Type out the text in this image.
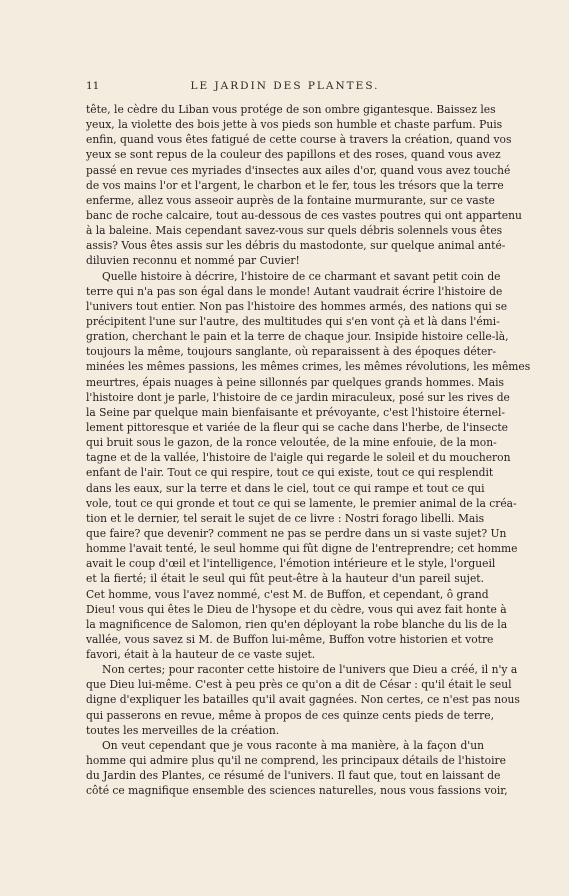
11	LE JARDIN DES PLANTES.
tête, le cèdre du Liban vous protége de son ombre gigantesque. Baissez les
yeux, la violette des bois jette à vos pieds son humble et chaste parfum. Puis
enfin, quand vous êtes fatigué de cette course à travers la création, quand vos
yeux se sont repus de la couleur des papillons et des roses, quand vous avez
passé en revue ces myriades d'insectes aux ailes d'or, quand vous avez touché
de vos mains l'or et l'argent, le charbon et le fer, tous les trésors que la terre
enferme, allez vous asseoir auprès de la fontaine murmurante, sur ce vaste
banc de roche calcaire, tout au-dessous de ces vastes poutres qui ont appartenu
à la baleine. Mais cependant savez-vous sur quels débris solennels vous êtes
assis? Vous êtes assis sur les débris du mastodonte, sur quelque animal anté-
diluvien reconnu et nommé par Cuvier!
Quelle histoire à décrire, l'histoire de ce charmant et savant petit coin de
terre qui n'a pas son égal dans le monde! Autant vaudrait écrire l'histoire de
l'univers tout entier. Non pas l'histoire des hommes armés, des nations qui se
précipitent l'une sur l'autre, des multitudes qui s'en vont çà et là dans l'émi-
gration, cherchant le pain et la terre de chaque jour. Insipide histoire celle-là,
toujours la même, toujours sanglante, où reparaissent à des époques déter-
minées les mêmes passions, les mêmes crimes, les mêmes révolutions, les mêmes
meurtres, épais nuages à peine sillonnés par quelques grands hommes. Mais
l'histoire dont je parle, l'histoire de ce jardin miraculeux, posé sur les rives de
la Seine par quelque main bienfaisante et prévoyante, c'est l'histoire éternel-
lement pittoresque et variée de la fleur qui se cache dans l'herbe, de l'insecte
qui bruit sous le gazon, de la ronce veloutée, de la mine enfouie, de la mon-
tagne et de la vallée, l'histoire de l'aigle qui regarde le soleil et du moucheron
enfant de l'air. Tout ce qui respire, tout ce qui existe, tout ce qui resplendit
dans les eaux, sur la terre et dans le ciel, tout ce qui rampe et tout ce qui
vole, tout ce qui gronde et tout ce qui se lamente, le premier animal de la créa-
tion et le dernier, tel serait le sujet de ce livre : Nostri forago libelli. Mais
que faire? que devenir? comment ne pas se perdre dans un si vaste sujet? Un
homme l'avait tenté, le seul homme qui fût digne de l'entreprendre; cet homme
avait le coup d'œil et l'intelligence, l'émotion intérieure et le style, l'orgueil
et la fierté; il était le seul qui fût peut-être à la hauteur d'un pareil sujet.
Cet homme, vous l'avez nommé, c'est M. de Buffon, et cependant, ô grand
Dieu! vous qui êtes le Dieu de l'hysope et du cèdre, vous qui avez fait honte à
la magnificence de Salomon, rien qu'en déployant la robe blanche du lis de la
vallée, vous savez si M. de Buffon lui-même, Buffon votre historien et votre
favori, était à la hauteur de ce vaste sujet.
Non certes; pour raconter cette histoire de l'univers que Dieu a créé, il n'y a
que Dieu lui-même. C'est à peu près ce qu'on a dit de César : qu'il était le seul
digne d'expliquer les batailles qu'il avait gagnées. Non certes, ce n'est pas nous
qui passerons en revue, même à propos de ces quinze cents pieds de terre,
toutes les merveilles de la création.
On veut cependant que je vous raconte à ma manière, à la façon d'un
homme qui admire plus qu'il ne comprend, les principaux détails de l'histoire
du Jardin des Plantes, ce résumé de l'univers. Il faut que, tout en laissant de
côté ce magnifique ensemble des sciences naturelles, nous vous fassions voir,
